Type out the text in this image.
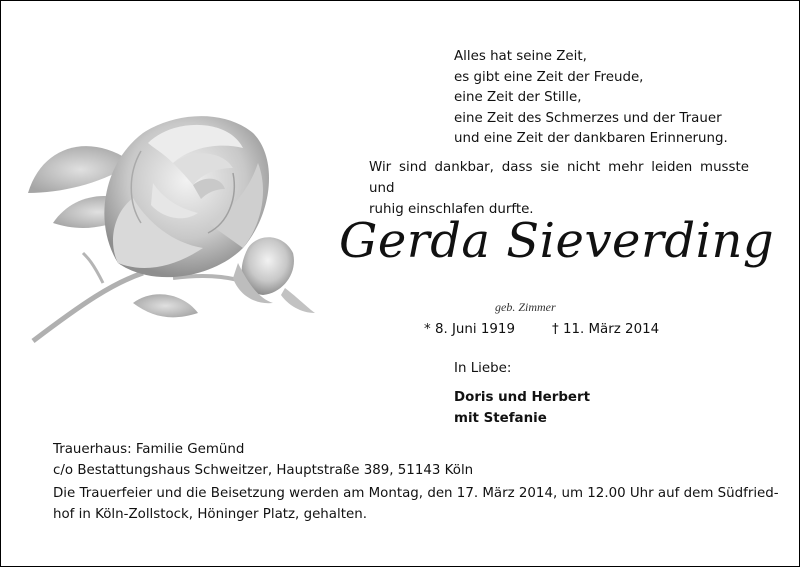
Alles hat seine Zeit,
es gibt eine Zeit der Freude,
eine Zeit der Stille,
eine Zeit des Schmerzes und der Trauer
und eine Zeit der dankbaren Erinnerung.
Wir sind dankbar, dass sie nicht mehr leiden musste und
ruhig einschlafen durfte.
Gerda Sieverding
geb. Zimmer
* 8. Juni 1919	† 11. März 2014
In Liebe:
Doris und Herbert
mit Stefanie
Trauerhaus: Familie Gemünd
c/o Bestattungshaus Schweitzer, Hauptstraße 389, 51143 Köln
Die Trauerfeier und die Beisetzung werden am Montag, den 17. März 2014, um 12.00 Uhr auf dem Südfried-
hof in Köln-Zollstock, Höninger Platz, gehalten.
